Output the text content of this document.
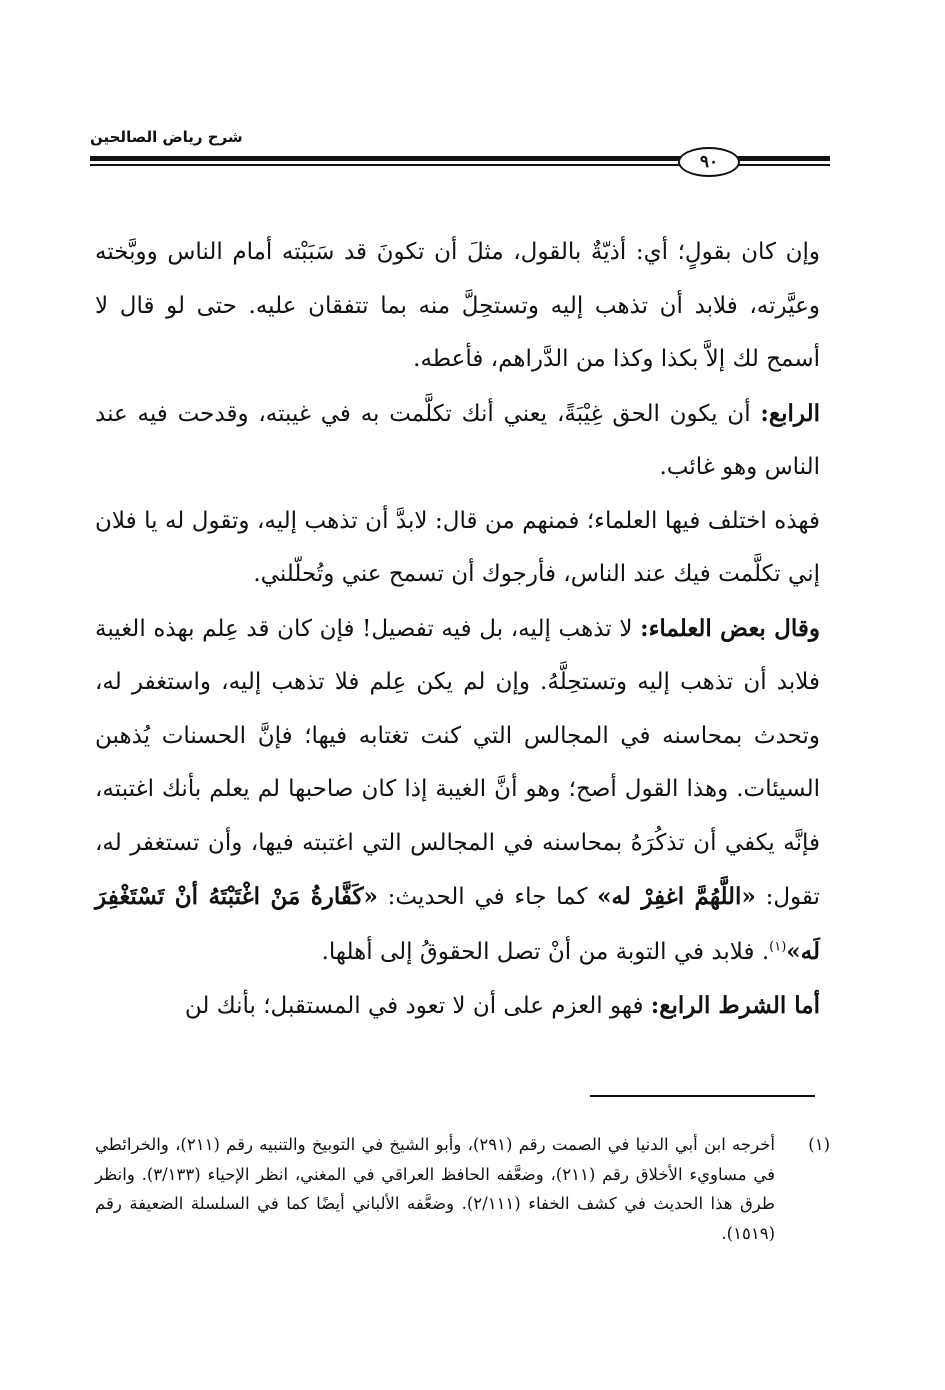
شرح رياض الصالحين
٩٠

وإن كان بقولٍ؛ أي: أذيّةٌ بالقول، مثلَ أن تكونَ قد سَبَبْته أمام الناس ووبَّخته وعيَّرته، فلابد أن تذهب إليه وتستحِلَّ منه بما تتفقان عليه. حتى لو قال لا أسمح لك إلاَّ بكذا وكذا من الدَّراهم، فأعطه.

الرابع: أن يكون الحق غِيْبَةً، يعني أنك تكلَّمت به في غيبته، وقدحت فيه عند الناس وهو غائب.

فهذه اختلف فيها العلماء؛ فمنهم من قال: لابدَّ أن تذهب إليه، وتقول له يا فلان إني تكلَّمت فيك عند الناس، فأرجوك أن تسمح عني وتُحلّلني.

وقال بعض العلماء: لا تذهب إليه، بل فيه تفصيل! فإن كان قد عِلم بهذه الغيبة فلابد أن تذهب إليه وتستحِلَّهُ. وإن لم يكن عِلم فلا تذهب إليه، واستغفر له، وتحدث بمحاسنه في المجالس التي كنت تغتابه فيها؛ فإنَّ الحسنات يُذهبن السيئات. وهذا القول أصح؛ وهو أنَّ الغيبة إذا كان صاحبها لم يعلم بأنك اغتبته، فإنَّه يكفي أن تذكُرَهُ بمحاسنه في المجالس التي اغتبته فيها، وأن تستغفر له، تقول: «اللَّهُمَّ اغفِرْ له» كما جاء في الحديث: «كَفَّارةُ مَنْ اغْتَبْتَهُ أنْ تَسْتَغْفِرَ لَه»$^{(١)}$. فلابد في التوبة من أنْ تصل الحقوقُ إلى أهلها.

أما الشرط الرابع: فهو العزم على أن لا تعود في المستقبل؛ بأنك لن

(١)
أخرجه ابن أبي الدنيا في الصمت رقم (٢٩١)، وأبو الشيخ في التوبيخ والتنبيه رقم (٢١١)، والخرائطي في مساويء الأخلاق رقم (٢١١)، وضعَّفه الحافظ العراقي في المغني، انظر الإحياء (٣/١٣٣). وانظر طرق هذا الحديث في كشف الخفاء (٢/١١١). وضعَّفه الألباني أيضًا كما في السلسلة الضعيفة رقم (١٥١٩).
